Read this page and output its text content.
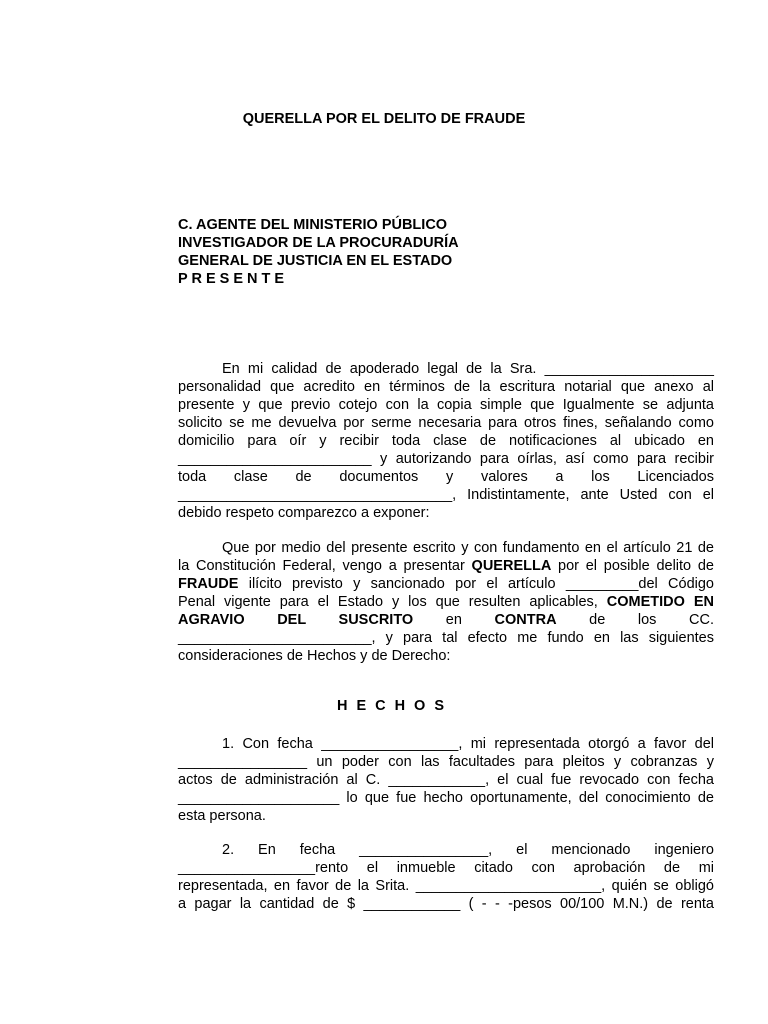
QUERELLA POR EL DELITO DE FRAUDE
C. AGENTE DEL MINISTERIO PÚBLICO
INVESTIGADOR DE LA PROCURADURÍA
GENERAL DE JUSTICIA EN EL ESTADO
P R E S E N T E
En mi calidad de apoderado legal de la Sra. _____________________
personalidad que acredito en términos de la escritura notarial que anexo al
presente y que previo cotejo con la copia simple que Igualmente se adjunta
solicito se me devuelva por serme necesaria para otros fines, señalando como
domicilio para oír y recibir toda clase de notificaciones al ubicado en
________________________ y autorizando para oírlas, así como para recibir
toda clase de documentos y valores a los Licenciados
__________________________________, Indistintamente, ante Usted con el
debido respeto comparezco a exponer:
Que por medio del presente escrito y con fundamento en el artículo 21 de
la Constitución Federal, vengo a presentar QUERELLA por el posible delito de
FRAUDE ilícito previsto y sancionado por el artículo _________del Código
Penal vigente para el Estado y los que resulten aplicables, COMETIDO EN
AGRAVIO DEL SUSCRITO en CONTRA de los CC.
________________________, y para tal efecto me fundo en las siguientes
consideraciones de Hechos y de Derecho:
HECHOS
1. Con fecha _________________, mi representada otorgó a favor del
________________ un poder con las facultades para pleitos y cobranzas y
actos de administración al C. ____________, el cual fue revocado con fecha
____________________ lo que fue hecho oportunamente, del conocimiento de
esta persona.
2. En fecha ________________, el mencionado ingeniero
_________________rento el inmueble citado con aprobación de mi
representada, en favor de la Srita. _______________________, quién se obligó
a pagar la cantidad de $ ____________ ( - - -pesos 00/100 M.N.) de renta
